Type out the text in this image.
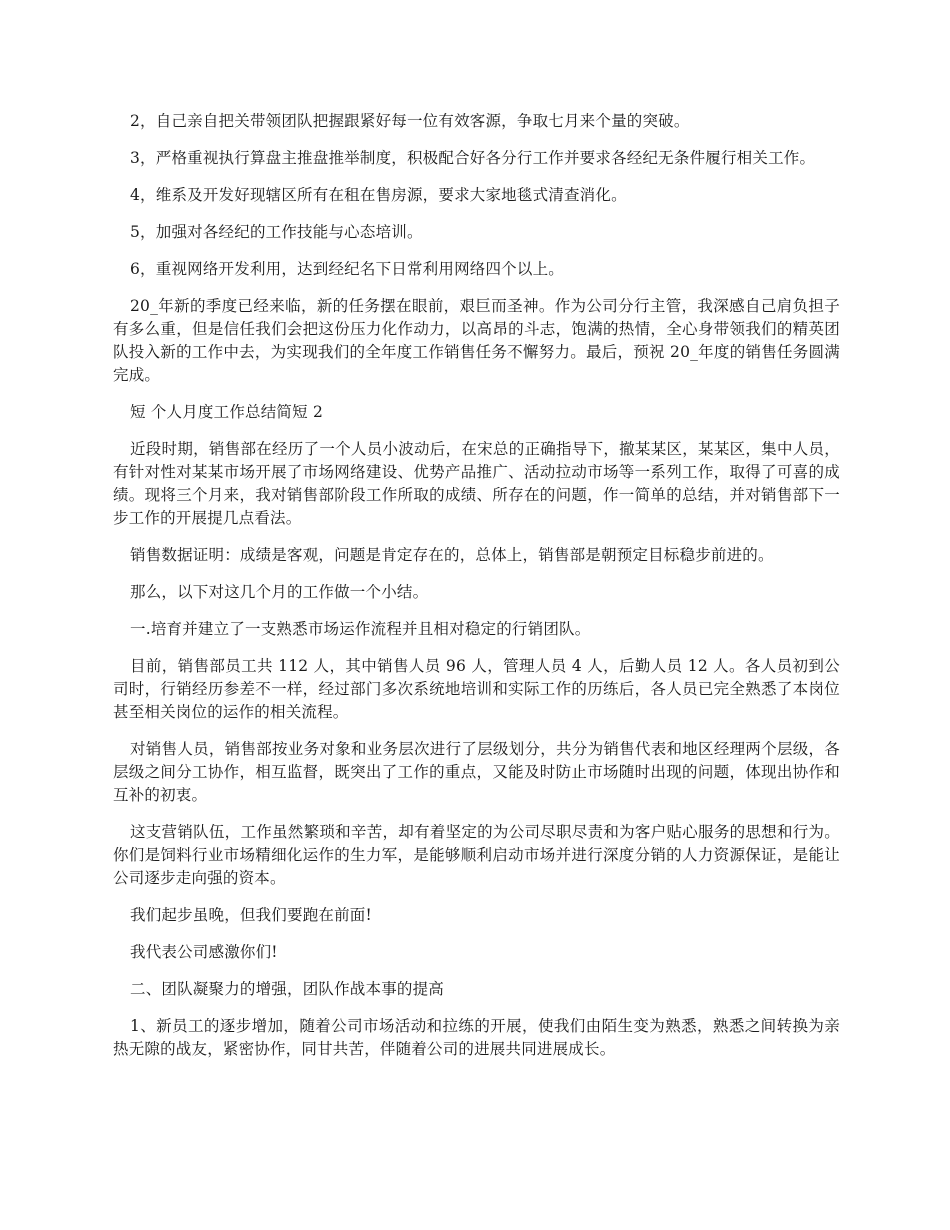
2，自己亲自把关带领团队把握跟紧好每一位有效客源，争取七月来个量的突破。

3，严格重视执行算盘主推盘推举制度，积极配合好各分行工作并要求各经纪无条件履行相关工作。

4，维系及开发好现辖区所有在租在售房源，要求大家地毯式清查消化。

5，加强对各经纪的工作技能与心态培训。

6，重视网络开发利用，达到经纪名下日常利用网络四个以上。

20_年新的季度已经来临，新的任务摆在眼前，艰巨而圣神。作为公司分行主管，我深感自己肩负担子有多么重，但是信任我们会把这份压力化作动力，以高昂的斗志，饱满的热情，全心身带领我们的精英团队投入新的工作中去，为实现我们的全年度工作销售任务不懈努力。最后，预祝 20_年度的销售任务圆满完成。

短 个人月度工作总结简短 2

近段时期，销售部在经历了一个人员小波动后，在宋总的正确指导下，撤某某区，某某区，集中人员，有针对性对某某市场开展了市场网络建设、优势产品推广、活动拉动市场等一系列工作，取得了可喜的成绩。现将三个月来，我对销售部阶段工作所取的成绩、所存在的问题，作一简单的总结，并对销售部下一步工作的开展提几点看法。

销售数据证明：成绩是客观，问题是肯定存在的，总体上，销售部是朝预定目标稳步前进的。

那么，以下对这几个月的工作做一个小结。

一.培育并建立了一支熟悉市场运作流程并且相对稳定的行销团队。

目前，销售部员工共 112 人，其中销售人员 96 人，管理人员 4 人，后勤人员 12 人。各人员初到公司时，行销经历参差不一样，经过部门多次系统地培训和实际工作的历练后，各人员已完全熟悉了本岗位甚至相关岗位的运作的相关流程。

对销售人员，销售部按业务对象和业务层次进行了层级划分，共分为销售代表和地区经理两个层级，各层级之间分工协作，相互监督，既突出了工作的重点，又能及时防止市场随时出现的问题，体现出协作和互补的初衷。

这支营销队伍，工作虽然繁琐和辛苦，却有着坚定的为公司尽职尽责和为客户贴心服务的思想和行为。你们是饲料行业市场精细化运作的生力军，是能够顺利启动市场并进行深度分销的人力资源保证，是能让公司逐步走向强的资本。

我们起步虽晚，但我们要跑在前面!

我代表公司感激你们!

二、团队凝聚力的增强，团队作战本事的提高

1、新员工的逐步增加，随着公司市场活动和拉练的开展，使我们由陌生变为熟悉，熟悉之间转换为亲热无隙的战友，紧密协作，同甘共苦，伴随着公司的进展共同进展成长。
